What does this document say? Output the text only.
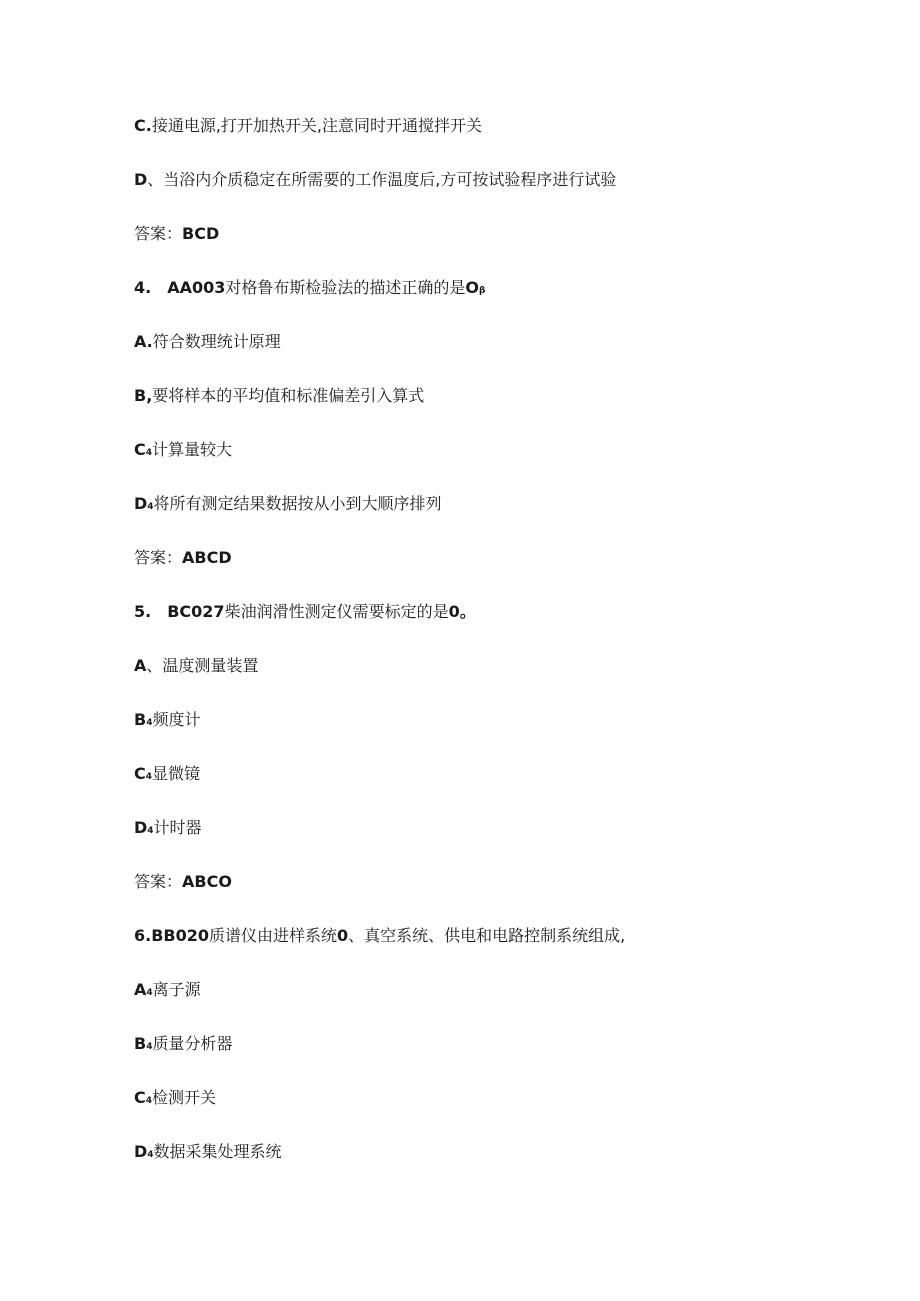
C.接通电源,打开加热开关,注意同时开通搅拌开关
D、当浴内介质稳定在所需要的工作温度后,方可按试验程序进行试验
答案：BCD
4.　AA003对格鲁布斯检验法的描述正确的是Oβ
A.符合数理统计原理
B,要将样本的平均值和标准偏差引入算式
C4计算量较大
D4将所有测定结果数据按从小到大顺序排列
答案：ABCD
5.　BC027柴油润滑性测定仪需要标定的是0。
A、温度测量装置
B4频度计
C4显微镜
D4计时器
答案：ABCO
6.BB020质谱仪由进样系统0、真空系统、供电和电路控制系统组成,
A4离子源
B4质量分析器
C4检测开关
D4数据采集处理系统
